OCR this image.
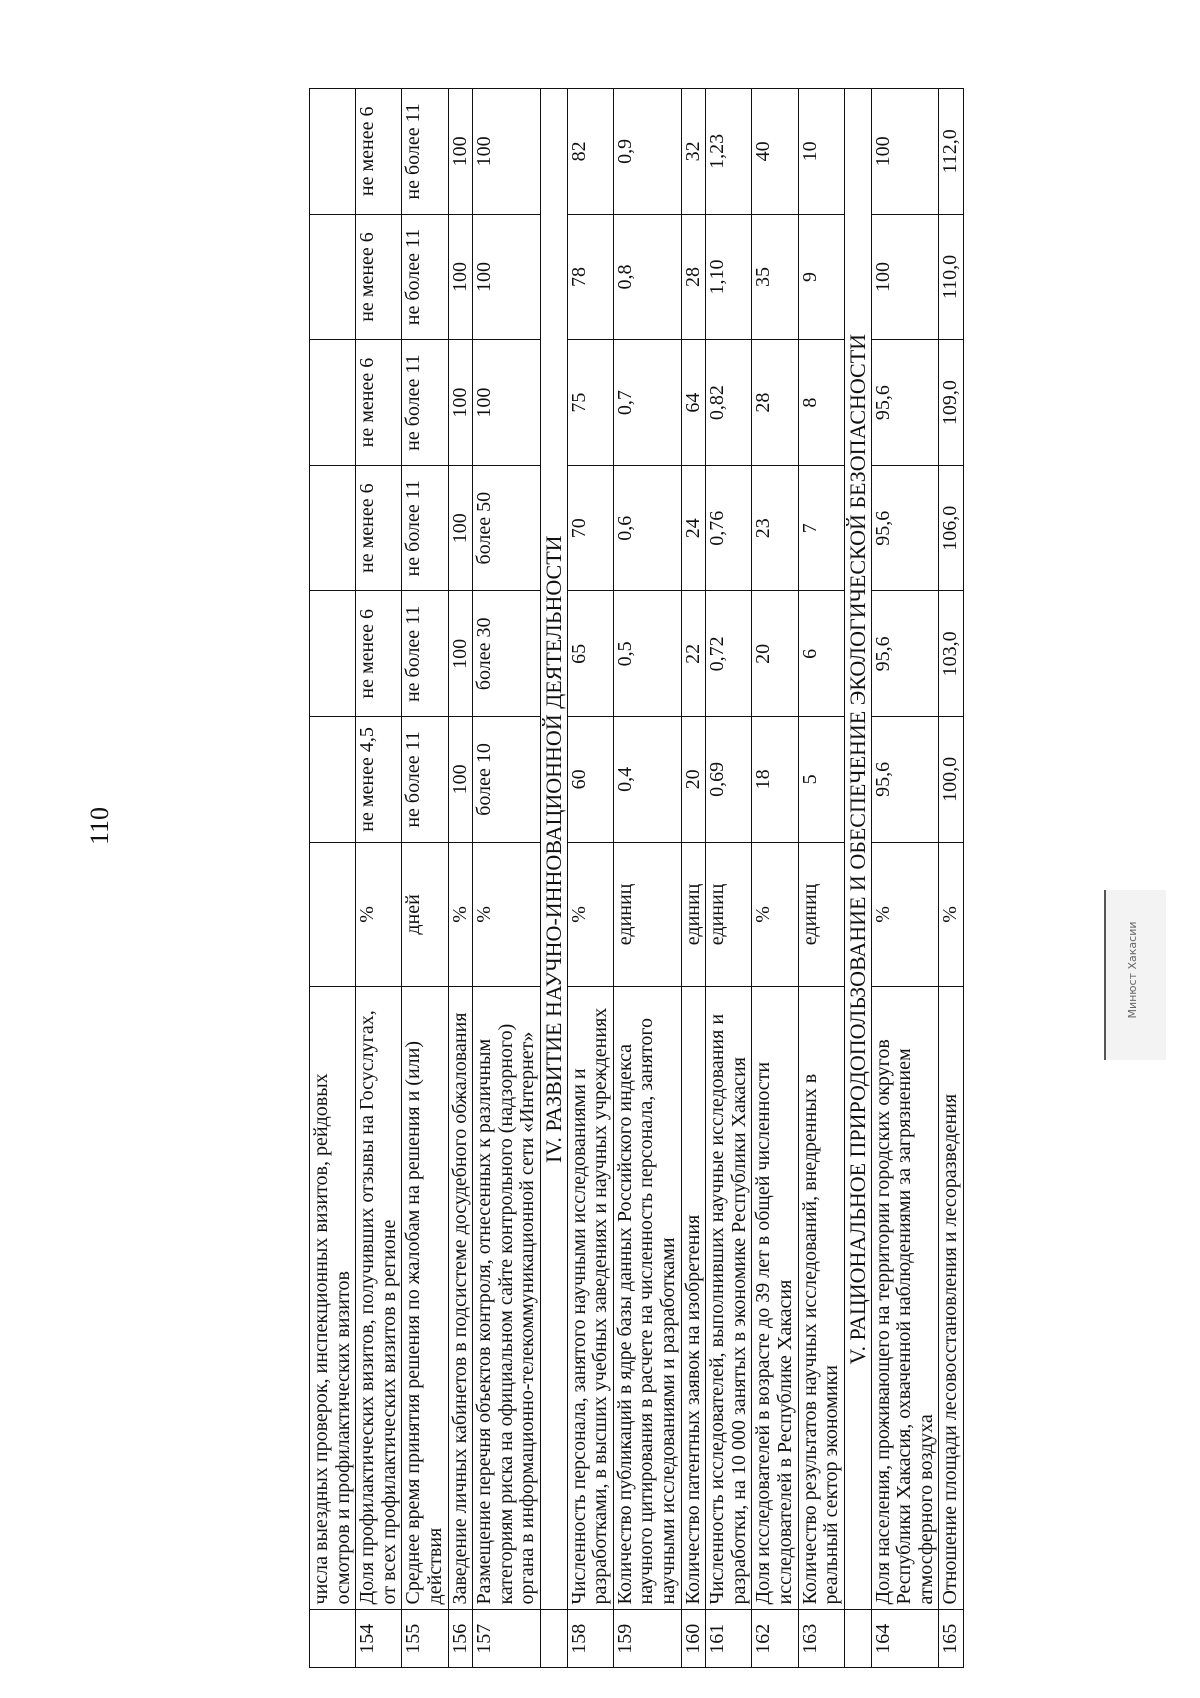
110
	числа выездных проверок, инспекционных визитов, рейдовых осмотров и профилактических визитов							
154	Доля профилактических визитов, получивших отзывы на Госуслугах, от всех профилактических визитов в регионе	%	не менее 4,5	не менее 6	не менее 6	не менее 6	не менее 6	не менее 6
155	Среднее время принятия решения по жалобам на решения и (или) действия	дней	не более 11	не более 11	не более 11	не более 11	не более 11	не более 11
156	Заведение личных кабинетов в подсистеме досудебного обжалования	%	100	100	100	100	100	100
157	Размещение перечня объектов контроля, отнесенных к различным категориям риска на официальном сайте контрольного (надзорного) органа в информационно-телекоммуникационной сети «Интернет»	%	более 10	более 30	более 50	100	100	100
	IV. РАЗВИТИЕ НАУЧНО-ИННОВАЦИОННОЙ ДЕЯТЕЛЬНОСТИ							
158	Численность персонала, занятого научными исследованиями и разработками, в высших учебных заведениях и научных учреждениях	%	60	65	70	75	78	82
159	Количество публикаций в ядре базы данных Российского индекса научного цитирования в расчете на численность персонала, занятого научными исследованиями и разработками	единиц	0,4	0,5	0,6	0,7	0,8	0,9
160	Количество патентных заявок на изобретения	единиц	20	22	24	64	28	32
161	Численность исследователей, выполнивших научные исследования и разработки, на 10 000 занятых в экономике Республики Хакасия	единиц	0,69	0,72	0,76	0,82	1,10	1,23
162	Доля исследователей в возрасте до 39 лет в общей численности исследователей в Республике Хакасия	%	18	20	23	28	35	40
163	Количество результатов научных исследований, внедренных в реальный сектор экономики	единиц	5	6	7	8	9	10
	V. РАЦИОНАЛЬНОЕ ПРИРОДОПОЛЬЗОВАНИЕ И ОБЕСПЕЧЕНИЕ ЭКОЛОГИЧЕСКОЙ БЕЗОПАСНОСТИ							
164	Доля населения, проживающего на территории городских округов Республики Хакасия, охваченной наблюдениями за загрязнением атмосферного воздуха	%	95,6	95,6	95,6	95,6	100	100
165	Отношение площади лесовосстановления и лесоразведения	%	100,0	103,0	106,0	109,0	110,0	112,0
Минюст Хакасии
